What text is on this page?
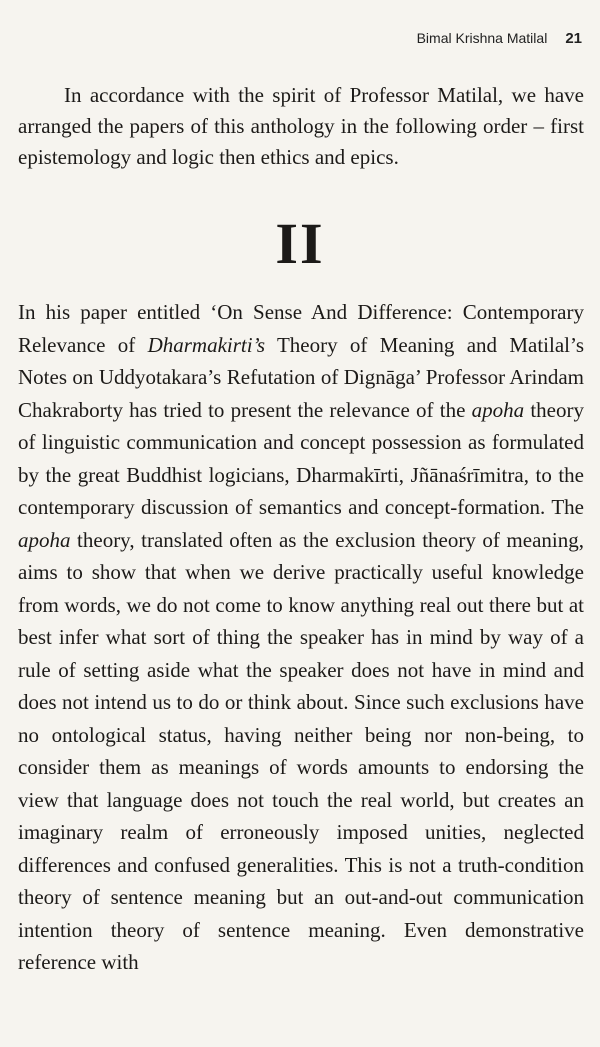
Bimal Krishna Matilal 21

In accordance with the spirit of Professor Matilal, we have arranged the papers of this anthology in the following order – first epistemology and logic then ethics and epics.

II

In his paper entitled ‘On Sense And Difference: Contemporary Relevance of Dharmakirti’s Theory of Meaning and Matilal’s Notes on Uddyotakara’s Refutation of Dignāga’ Professor Arindam Chakraborty has tried to present the relevance of the apoha theory of linguistic communication and concept possession as formulated by the great Buddhist logicians, Dharmakīrti, Jñānaśrīmitra, to the contemporary discussion of semantics and concept-formation. The apoha theory, translated often as the exclusion theory of meaning, aims to show that when we derive practically useful knowledge from words, we do not come to know anything real out there but at best infer what sort of thing the speaker has in mind by way of a rule of setting aside what the speaker does not have in mind and does not intend us to do or think about. Since such exclusions have no ontological status, having neither being nor non-being, to consider them as meanings of words amounts to endorsing the view that language does not touch the real world, but creates an imaginary realm of erroneously imposed unities, neglected differences and confused generalities. This is not a truth-condition theory of sentence meaning but an out-and-out communication intention theory of sentence meaning. Even demonstrative reference with
